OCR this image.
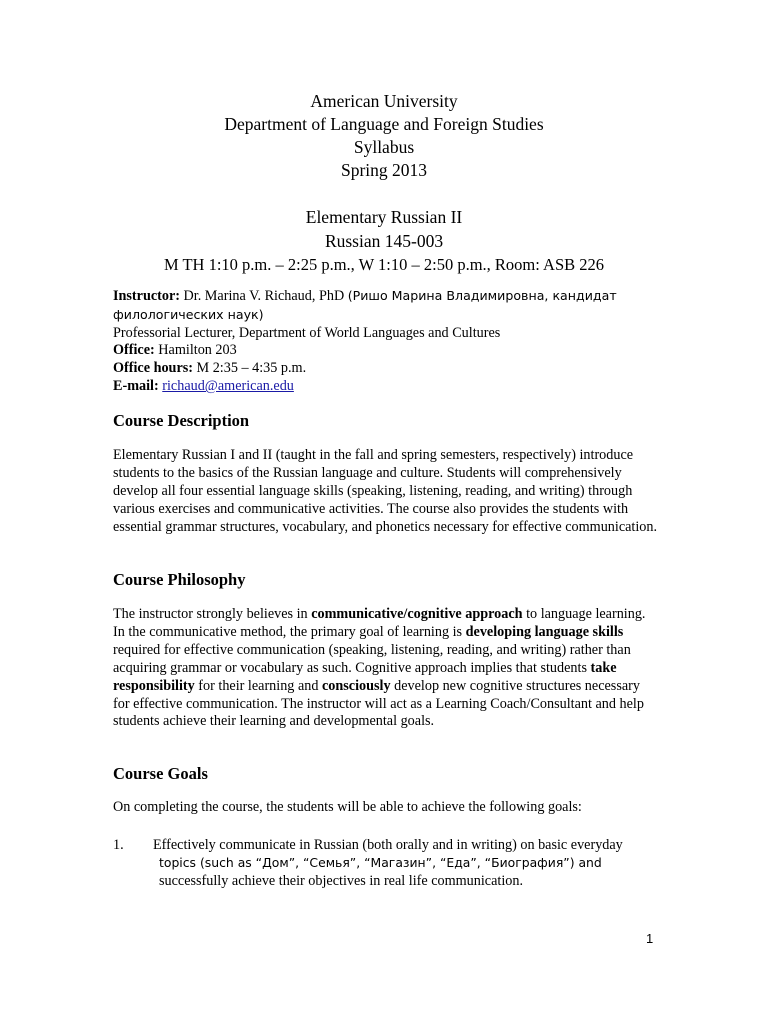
American University
Department of Language and Foreign Studies
Syllabus
Spring 2013
Elementary Russian II
Russian 145-003
M TH 1:10 p.m. – 2:25 p.m., W 1:10 – 2:50 p.m., Room: ASB 226
Instructor: Dr. Marina V. Richaud, PhD (Ришо Марина Владимировна, кандидат филологических наук)
Professorial Lecturer, Department of World Languages and Cultures
Office: Hamilton 203
Office hours: M 2:35 – 4:35 p.m.
E-mail: richaud@american.edu
Course Description

Elementary Russian I and II (taught in the fall and spring semesters, respectively) introduce students to the basics of the Russian language and culture. Students will comprehensively develop all four essential language skills (speaking, listening, reading, and writing) through various exercises and communicative activities. The course also provides the students with essential grammar structures, vocabulary, and phonetics necessary for effective communication.

Course Philosophy

The instructor strongly believes in communicative/cognitive approach to language learning. In the communicative method, the primary goal of learning is developing language skills required for effective communication (speaking, listening, reading, and writing) rather than acquiring grammar or vocabulary as such. Cognitive approach implies that students take responsibility for their learning and consciously develop new cognitive structures necessary for effective communication. The instructor will act as a Learning Coach/Consultant and help students achieve their learning and developmental goals.

Course Goals

On completing the course, the students will be able to achieve the following goals:

1. Effectively communicate in Russian (both orally and in writing) on basic everyday
topics (such as “Дом”, “Семья”, “Магазин”, “Еда”, “Биография”) and
successfully achieve their objectives in real life communication.
1
